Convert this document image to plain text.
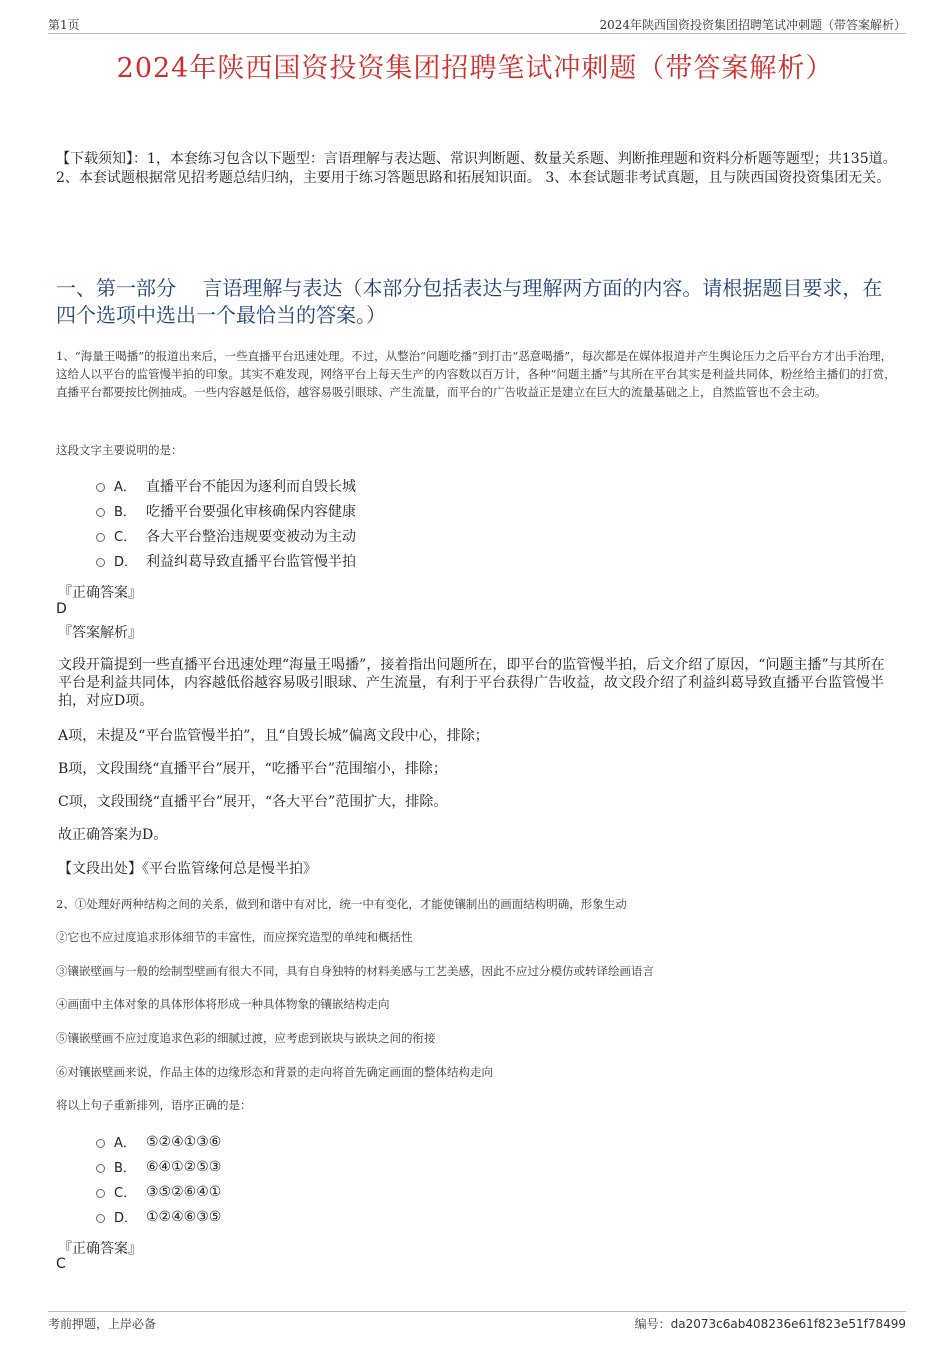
第1页	2024年陕西国资投资集团招聘笔试冲刺题（带答案解析）
2024年陕西国资投资集团招聘笔试冲刺题（带答案解析）
【下载须知】：1，本套练习包含以下题型：言语理解与表达题、常识判断题、数量关系题、判断推理题和资料分析题等题型；共135道。 2、本套试题根据常见招考题总结归纳，主要用于练习答题思路和拓展知识面。 3、本套试题非考试真题，且与陕西国资投资集团无关。
一、第一部分　 言语理解与表达（本部分包括表达与理解两方面的内容。请根据题目要求，在四个选项中选出一个最恰当的答案。）
1、“海量王喝播”的报道出来后，一些直播平台迅速处理。不过，从整治“问题吃播”到打击“恶意喝播”，每次都是在媒体报道并产生舆论压力之后平台方才出手治理，这给人以平台的监管慢半拍的印象。其实不难发现，网络平台上每天生产的内容数以百万计，各种“问题主播”与其所在平台其实是利益共同体，粉丝给主播们的打赏，直播平台都要按比例抽成。一些内容越是低俗，越容易吸引眼球、产生流量，而平台的广告收益正是建立在巨大的流量基础之上，自然监管也不会主动。
这段文字主要说明的是：
A． 直播平台不能因为逐利而自毁长城
B． 吃播平台要强化审核确保内容健康
C． 各大平台整治违规要变被动为主动
D． 利益纠葛导致直播平台监管慢半拍
『正确答案』
D
『答案解析』
文段开篇提到一些直播平台迅速处理“海量王喝播”，接着指出问题所在，即平台的监管慢半拍，后文介绍了原因，“问题主播”与其所在平台是利益共同体，内容越低俗越容易吸引眼球、产生流量，有利于平台获得广告收益，故文段介绍了利益纠葛导致直播平台监管慢半拍，对应D项。
A项，未提及“平台监管慢半拍”，且“自毁长城”偏离文段中心，排除；
B项，文段围绕“直播平台”展开，“吃播平台”范围缩小，排除；
C项，文段围绕“直播平台”展开，“各大平台”范围扩大，排除。
故正确答案为D。
【文段出处】《平台监管缘何总是慢半拍》
2、①处理好两种结构之间的关系，做到和谐中有对比，统一中有变化，才能使镶制出的画面结构明确，形象生动
②它也不应过度追求形体细节的丰富性，而应探究造型的单纯和概括性
③镶嵌壁画与一般的绘制型壁画有很大不同，具有自身独特的材料美感与工艺美感，因此不应过分模仿或转译绘画语言
④画面中主体对象的具体形体将形成一种具体物象的镶嵌结构走向
⑤镶嵌壁画不应过度追求色彩的细腻过渡，应考虑到嵌块与嵌块之间的衔接
⑥对镶嵌壁画来说，作品主体的边缘形态和背景的走向将首先确定画面的整体结构走向
将以上句子重新排列，语序正确的是：
A． ⑤②④①③⑥
B． ⑥④①②⑤③
C． ③⑤②⑥④①
D． ①②④⑥③⑤
『正确答案』
C
考前押题，上岸必备	编号：da2073c6ab408236e61f823e51f78499
